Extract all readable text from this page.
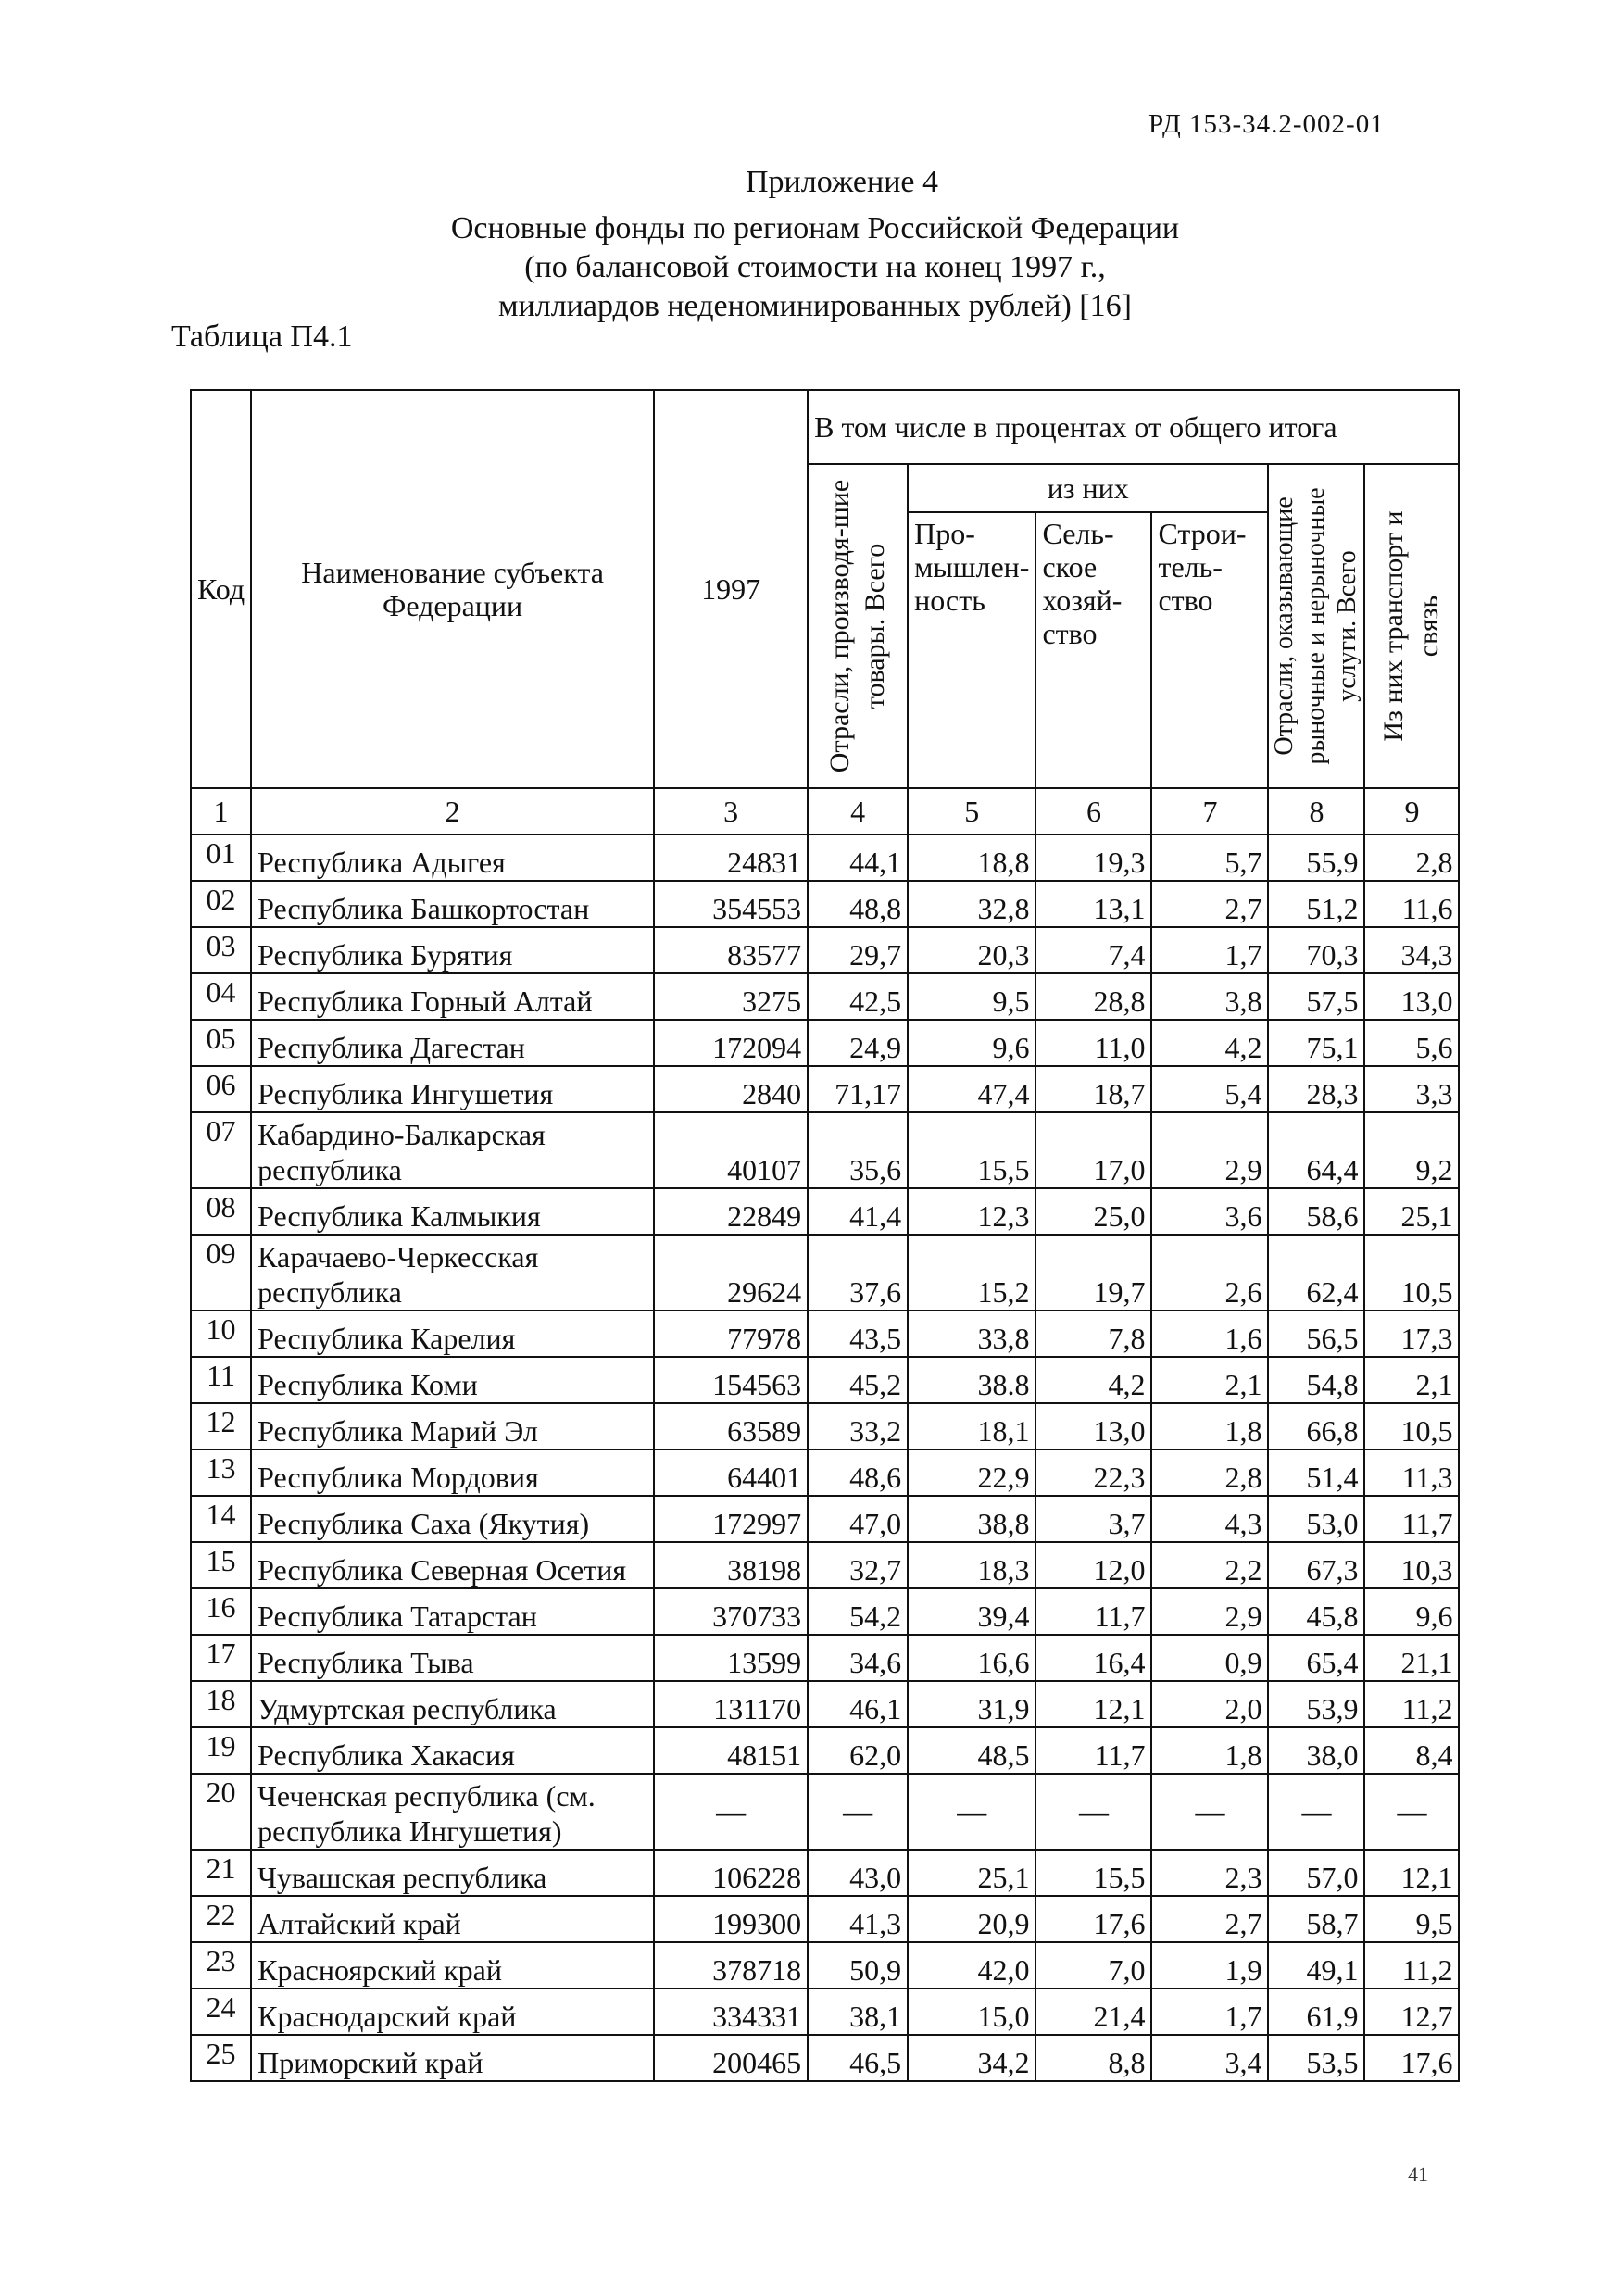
РД 153-34.2-002-01
Приложение 4
Основные фонды по регионам Российской Федерации
(по балансовой стоимости на конец 1997 г.,
миллиардов неденоминированных рублей) [16]
Таблица П4.1
Код	Наименование субъекта Федерации	1997	В том числе в процентах от общего итога					

			Отрасли, производя-шие товары. Всего	из них			Отрасли, оказывающие рыночные и нерыночные услуги. Всего	Из них транспорт и связь

				Про-мышлен-ность	Сель-ское хозяй-ство	Строи-тель-ство		
1	2	3	4	5	6	7	8	9
01	Республика Адыгея	24831	44,1	18,8	19,3	5,7	55,9	2,8
02	Республика Башкортостан	354553	48,8	32,8	13,1	2,7	51,2	11,6
03	Республика Бурятия	83577	29,7	20,3	7,4	1,7	70,3	34,3
04	Республика Горный Алтай	3275	42,5	9,5	28,8	3,8	57,5	13,0
05	Республика Дагестан	172094	24,9	9,6	11,0	4,2	75,1	5,6
06	Республика Ингушетия	2840	71,17	47,4	18,7	5,4	28,3	3,3
07	Кабардино-Балкарская республика	40107	35,6	15,5	17,0	2,9	64,4	9,2
08	Республика Калмыкия	22849	41,4	12,3	25,0	3,6	58,6	25,1
09	Карачаево-Черкесская республика	29624	37,6	15,2	19,7	2,6	62,4	10,5
10	Республика Карелия	77978	43,5	33,8	7,8	1,6	56,5	17,3
11	Республика Коми	154563	45,2	38.8	4,2	2,1	54,8	2,1
12	Республика Марий Эл	63589	33,2	18,1	13,0	1,8	66,8	10,5
13	Республика Мордовия	64401	48,6	22,9	22,3	2,8	51,4	11,3
14	Республика Саха (Якутия)	172997	47,0	38,8	3,7	4,3	53,0	11,7
15	Республика Северная Осетия	38198	32,7	18,3	12,0	2,2	67,3	10,3
16	Республика Татарстан	370733	54,2	39,4	11,7	2,9	45,8	9,6
17	Республика Тыва	13599	34,6	16,6	16,4	0,9	65,4	21,1
18	Удмуртская республика	131170	46,1	31,9	12,1	2,0	53,9	11,2
19	Республика Хакасия	48151	62,0	48,5	11,7	1,8	38,0	8,4
20	Чеченская республика (см. республика Ингушетия)	—	—	—	—	—	—	—
21	Чувашская республика	106228	43,0	25,1	15,5	2,3	57,0	12,1
22	Алтайский край	199300	41,3	20,9	17,6	2,7	58,7	9,5
23	Красноярский край	378718	50,9	42,0	7,0	1,9	49,1	11,2
24	Краснодарский край	334331	38,1	15,0	21,4	1,7	61,9	12,7
25	Приморский край	200465	46,5	34,2	8,8	3,4	53,5	17,6
41
